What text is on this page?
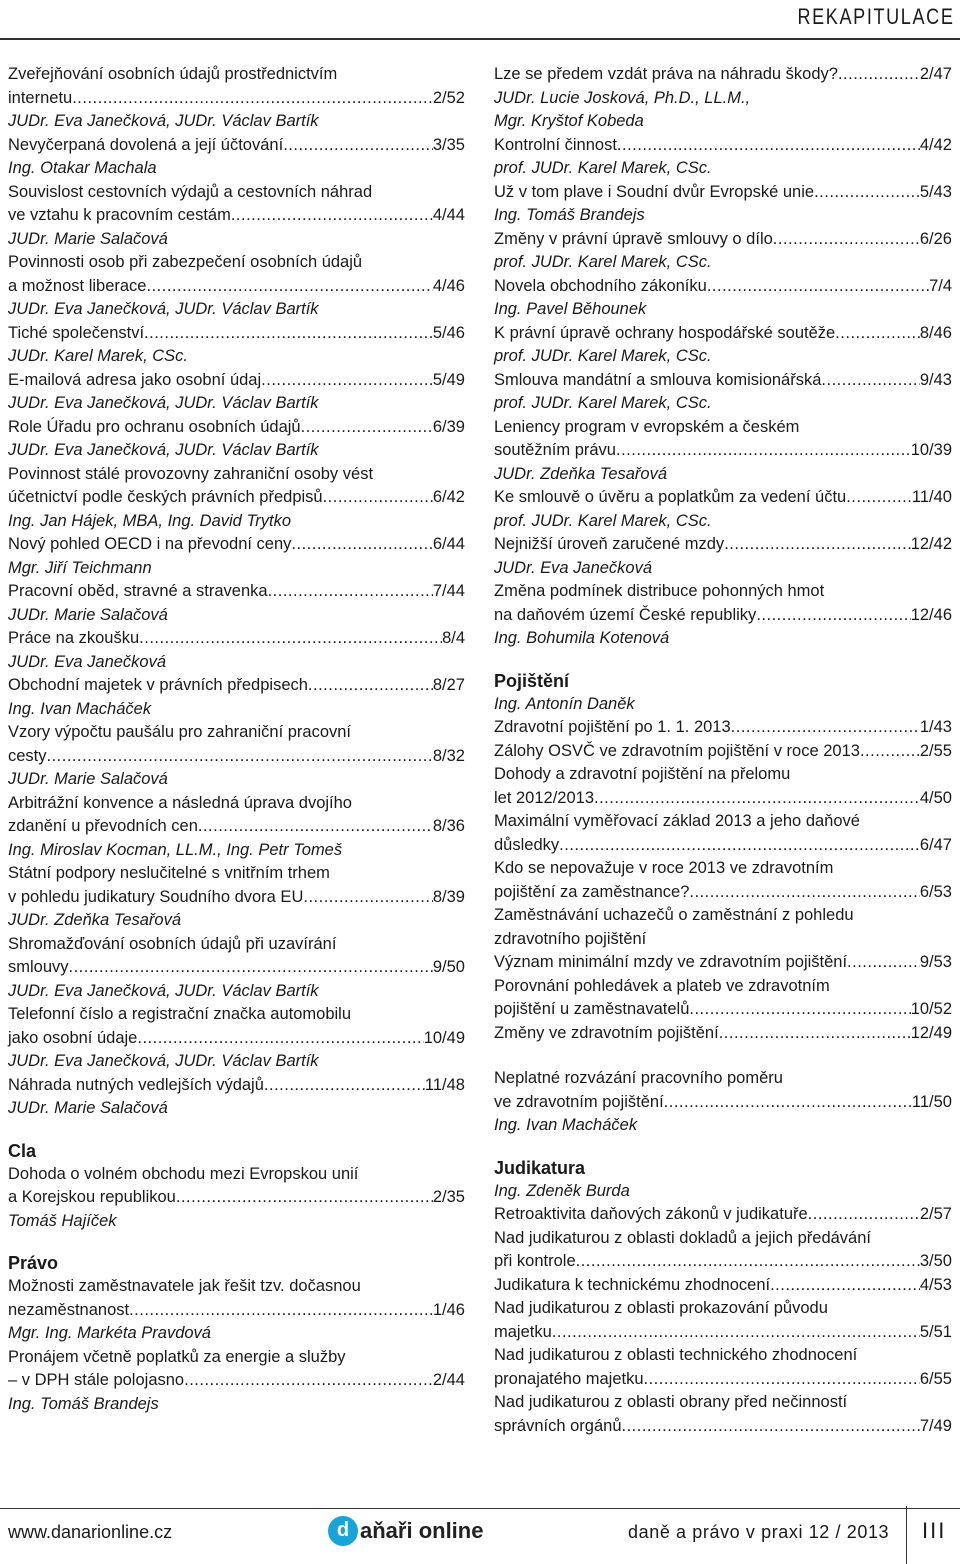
REKAPITULACE
Zveřejňování osobních údajů prostřednictvím
internetu .....	2/52
JUDr. Eva Janečková, JUDr. Václav Bartík
Nevyčerpaná dovolená a její účtování .....	3/35
Ing. Otakar Machala
Souvislost cestovních výdajů a cestovních náhrad
ve vztahu k pracovním cestám .....	4/44
JUDr. Marie Salačová
Povinnosti osob při zabezpečení osobních údajů
a možnost liberace .....	4/46
JUDr. Eva Janečková, JUDr. Václav Bartík
Tiché společenství .....	5/46
JUDr. Karel Marek, CSc.
E-mailová adresa jako osobní údaj .....	5/49
JUDr. Eva Janečková, JUDr. Václav Bartík
Role Úřadu pro ochranu osobních údajů .....	6/39
JUDr. Eva Janečková, JUDr. Václav Bartík
Povinnost stálé provozovny zahraniční osoby vést
účetnictví podle českých právních předpisů .....	6/42
Ing. Jan Hájek, MBA, Ing. David Trytko
Nový pohled OECD i na převodní ceny .....	6/44
Mgr. Jiří Teichmann
Pracovní oběd, stravné a stravenka .....	7/44
JUDr. Marie Salačová
Práce na zkoušku .....	8/4
JUDr. Eva Janečková
Obchodní majetek v právních předpisech .....	8/27
Ing. Ivan Macháček
Vzory výpočtu paušálu pro zahraniční pracovní
cesty .....	8/32
JUDr. Marie Salačová
Arbitrážní konvence a následná úprava dvojího
zdanění u převodních cen .....	8/36
Ing. Miroslav Kocman, LL.M., Ing. Petr Tomeš
Státní podpory neslučitelné s vnitřním trhem
v pohledu judikatury Soudního dvora EU .....	8/39
JUDr. Zdeňka Tesařová
Shromažďování osobních údajů při uzavírání
smlouvy .....	9/50
JUDr. Eva Janečková, JUDr. Václav Bartík
Telefonní číslo a registrační značka automobilu
jako osobní údaje .....	10/49
JUDr. Eva Janečková, JUDr. Václav Bartík
Náhrada nutných vedlejších výdajů .....	11/48
JUDr. Marie Salačová
Cla
Dohoda o volném obchodu mezi Evropskou unií
a Korejskou republikou .....	2/35
Tomáš Hajíček
Právo
Možnosti zaměstnavatele jak řešit tzv. dočasnou
nezaměstnanost .....	1/46
Mgr. Ing. Markéta Pravdová
Pronájem včetně poplatků za energie a služby
– v DPH stále polojasno .....	2/44
Ing. Tomáš Brandejs
Lze se předem vzdát práva na náhradu škody? .....	2/47
JUDr. Lucie Josková, Ph.D., LL.M.,
Mgr. Kryštof Kobeda
Kontrolní činnost .....	4/42
prof. JUDr. Karel Marek, CSc.
Už v tom plave i Soudní dvůr Evropské unie .....	5/43
Ing. Tomáš Brandejs
Změny v právní úpravě smlouvy o dílo .....	6/26
prof. JUDr. Karel Marek, CSc.
Novela obchodního zákoníku .....	7/4
Ing. Pavel Běhounek
K právní úpravě ochrany hospodářské soutěže .....	8/46
prof. JUDr. Karel Marek, CSc.
Smlouva mandátní a smlouva komisionářská .....	9/43
prof. JUDr. Karel Marek, CSc.
Leniency program v evropském a českém
soutěžním právu .....	10/39
JUDr. Zdeňka Tesařová
Ke smlouvě o úvěru a poplatkům za vedení účtu .....	11/40
prof. JUDr. Karel Marek, CSc.
Nejnižší úroveň zaručené mzdy .....	12/42
JUDr. Eva Janečková
Změna podmínek distribuce pohonných hmot
na daňovém území České republiky .....	12/46
Ing. Bohumila Kotenová
Pojištění
Ing. Antonín Daněk
Zdravotní pojištění po 1. 1. 2013 .....	1/43
Zálohy OSVČ ve zdravotním pojištění v roce 2013 .....	2/55
Dohody a zdravotní pojištění na přelomu
let 2012/2013 .....	4/50
Maximální vyměřovací základ 2013 a jeho daňové
důsledky .....	6/47
Kdo se nepovažuje v roce 2013 ve zdravotním
pojištění za zaměstnance? .....	6/53
Zaměstnávání uchazečů o zaměstnání z pohledu
zdravotního pojištění
Význam minimální mzdy ve zdravotním pojištění .....	9/53
Porovnání pohledávek a plateb ve zdravotním
pojištění u zaměstnavatelů .....	10/52
Změny ve zdravotním pojištění .....	12/49
Neplatné rozvázání pracovního poměru
ve zdravotním pojištění .....	11/50
Ing. Ivan Macháček
Judikatura
Ing. Zdeněk Burda
Retroaktivita daňových zákonů v judikatuře .....	2/57
Nad judikaturou z oblasti dokladů a jejich předávání
při kontrole .....	3/50
Judikatura k technickému zhodnocení .....	4/53
Nad judikaturou z oblasti prokazování původu
majetku .....	5/51
Nad judikaturou z oblasti technického zhodnocení
pronajatého majetku .....	6/55
Nad judikaturou z oblasti obrany před nečinností
správních orgánů .....	7/49
www.danarionline.cz	d aňaři online	daně a právo v praxi 12 / 2013 III
